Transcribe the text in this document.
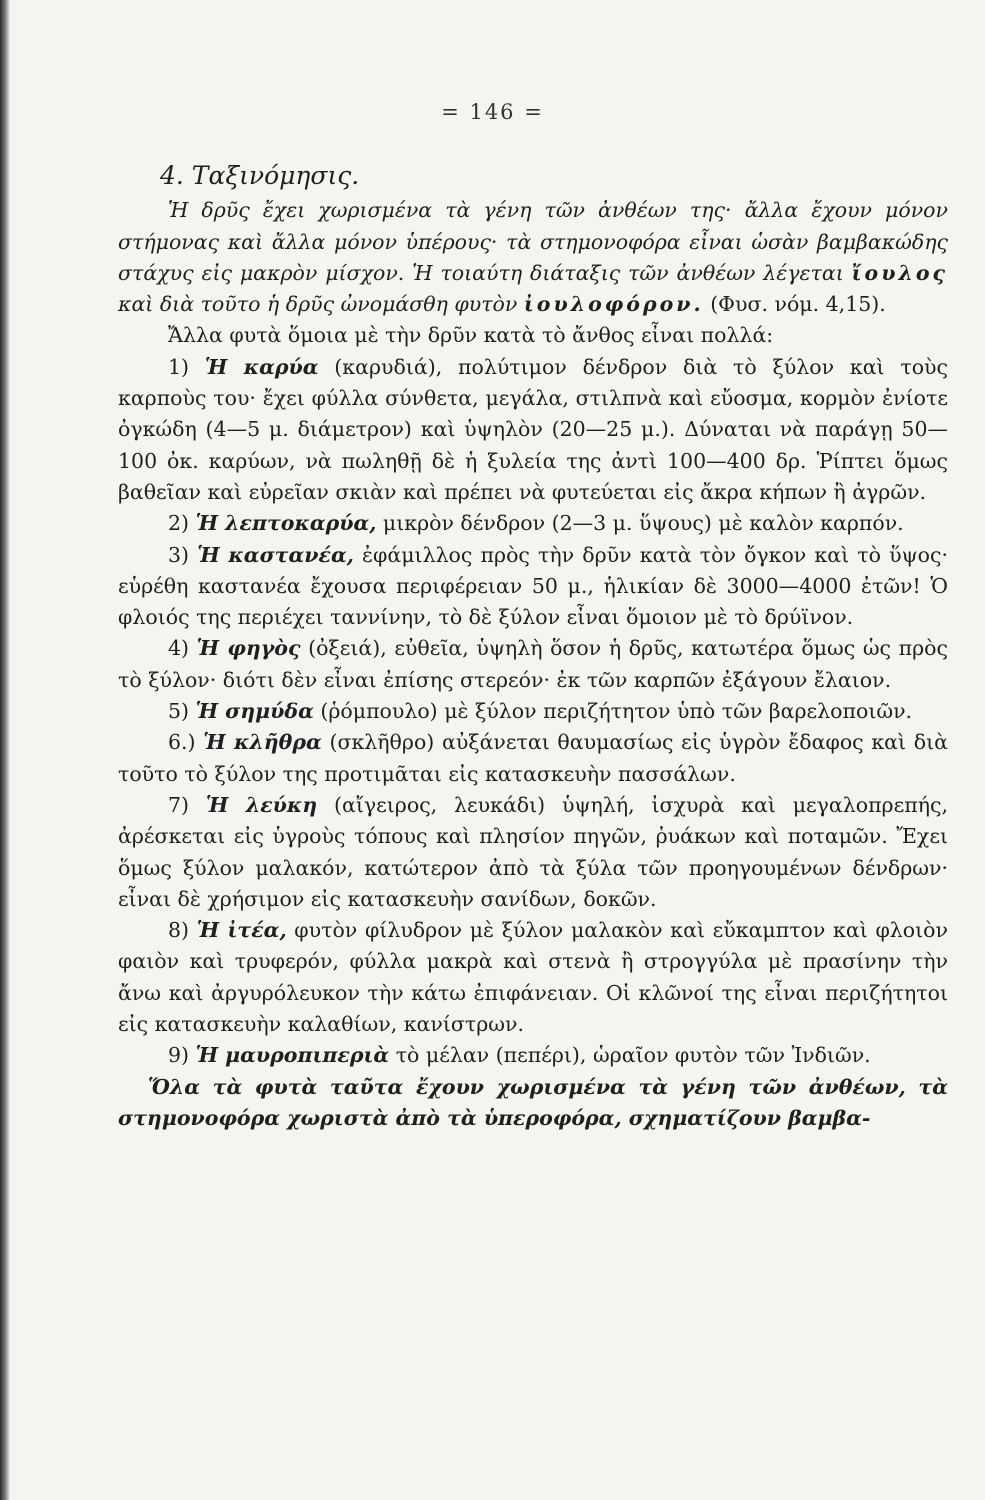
= 146 =

4. Ταξινόμησις.

Ἡ δρῦς ἔχει χωρισμένα τὰ γένη τῶν ἀνθέων της· ἄλλα ἔχουν μόνον στήμονας καὶ ἄλλα μόνον ὑπέρους· τὰ στημονοφόρα εἶναι ὡσὰν βαμβακώδης στάχυς εἰς μακρὸν μίσχον. Ἡ τοιαύτη διάταξις τῶν ἀνθέων λέγεται ἴουλος καὶ διὰ τοῦτο ἡ δρῦς ὠνομάσθη φυτὸν ἰουλοφόρον. (Φυσ. νόμ. 4,15).

Ἄλλα φυτὰ ὅμοια μὲ τὴν δρῦν κατὰ τὸ ἄνθος εἶναι πολλά:

1) Ἡ καρύα (καρυδιά), πολύτιμον δένδρον διὰ τὸ ξύλον καὶ τοὺς καρποὺς του· ἔχει φύλλα σύνθετα, μεγάλα, στιλπνὰ καὶ εὔοσμα, κορμὸν ἐνίοτε ὀγκώδη (4—5 μ. διάμετρον) καὶ ὑψηλὸν (20—25 μ.). Δύναται νὰ παράγῃ 50—100 ὀκ. καρύων, νὰ πωληθῇ δὲ ἡ ξυλεία της ἀντὶ 100—400 δρ. Ῥίπτει ὅμως βαθεῖαν καὶ εὐρεῖαν σκιὰν καὶ πρέπει νὰ φυτεύεται εἰς ἄκρα κήπων ἢ ἀγρῶν.

2) Ἡ λεπτοκαρύα, μικρὸν δένδρον (2—3 μ. ὕψους) μὲ καλὸν καρπόν.

3) Ἡ καστανέα, ἐφάμιλλος πρὸς τὴν δρῦν κατὰ τὸν ὄγκον καὶ τὸ ὕψος· εὑρέθη καστανέα ἔχουσα περιφέρειαν 50 μ., ἡλικίαν δὲ 3000—4000 ἐτῶν! Ὁ φλοιός της περιέχει ταννίνην, τὸ δὲ ξύλον εἶναι ὅμοιον μὲ τὸ δρύϊνον.

4) Ἡ φηγὸς (ὀξειά), εὐθεῖα, ὑψηλὴ ὅσον ἡ δρῦς, κατωτέρα ὅμως ὡς πρὸς τὸ ξύλον· διότι δὲν εἶναι ἐπίσης στερεόν· ἐκ τῶν καρπῶν ἐξάγουν ἔλαιον.

5) Ἡ σημύδα (ῥόμπουλο) μὲ ξύλον περιζήτητον ὑπὸ τῶν βαρελοποιῶν.

6.) Ἡ κλῆθρα (σκλῆθρο) αὐξάνεται θαυμασίως εἰς ὑγρὸν ἔδαφος καὶ διὰ τοῦτο τὸ ξύλον της προτιμᾶται εἰς κατασκευὴν πασσάλων.

7) Ἡ λεύκη (αἴγειρος, λευκάδι) ὑψηλή, ἰσχυρὰ καὶ μεγαλοπρεπής, ἀρέσκεται εἰς ὑγροὺς τόπους καὶ πλησίον πηγῶν, ῥυάκων καὶ ποταμῶν. Ἔχει ὅμως ξύλον μαλακόν, κατώτερον ἀπὸ τὰ ξύλα τῶν προηγουμένων δένδρων· εἶναι δὲ χρήσιμον εἰς κατασκευὴν σανίδων, δοκῶν.

8) Ἡ ἰτέα, φυτὸν φίλυδρον μὲ ξύλον μαλακὸν καὶ εὔκαμπτον καὶ φλοιὸν φαιὸν καὶ τρυφερόν, φύλλα μακρὰ καὶ στενὰ ἢ στρογγύλα μὲ πρασίνην τὴν ἄνω καὶ ἀργυρόλευκον τὴν κάτω ἐπιφάνειαν. Οἱ κλῶνοί της εἶναι περιζήτητοι εἰς κατασκευὴν καλαθίων, κανίστρων.

9) Ἡ μαυροπιπεριὰ τὸ μέλαν (πεπέρι), ὡραῖον φυτὸν τῶν Ἰνδιῶν.

Ὅλα τὰ φυτὰ ταῦτα ἔχουν χωρισμένα τὰ γένη τῶν ἀνθέων, τὰ στημονοφόρα χωριστὰ ἀπὸ τὰ ὑπεροφόρα, σχηματίζουν βαμβα-
